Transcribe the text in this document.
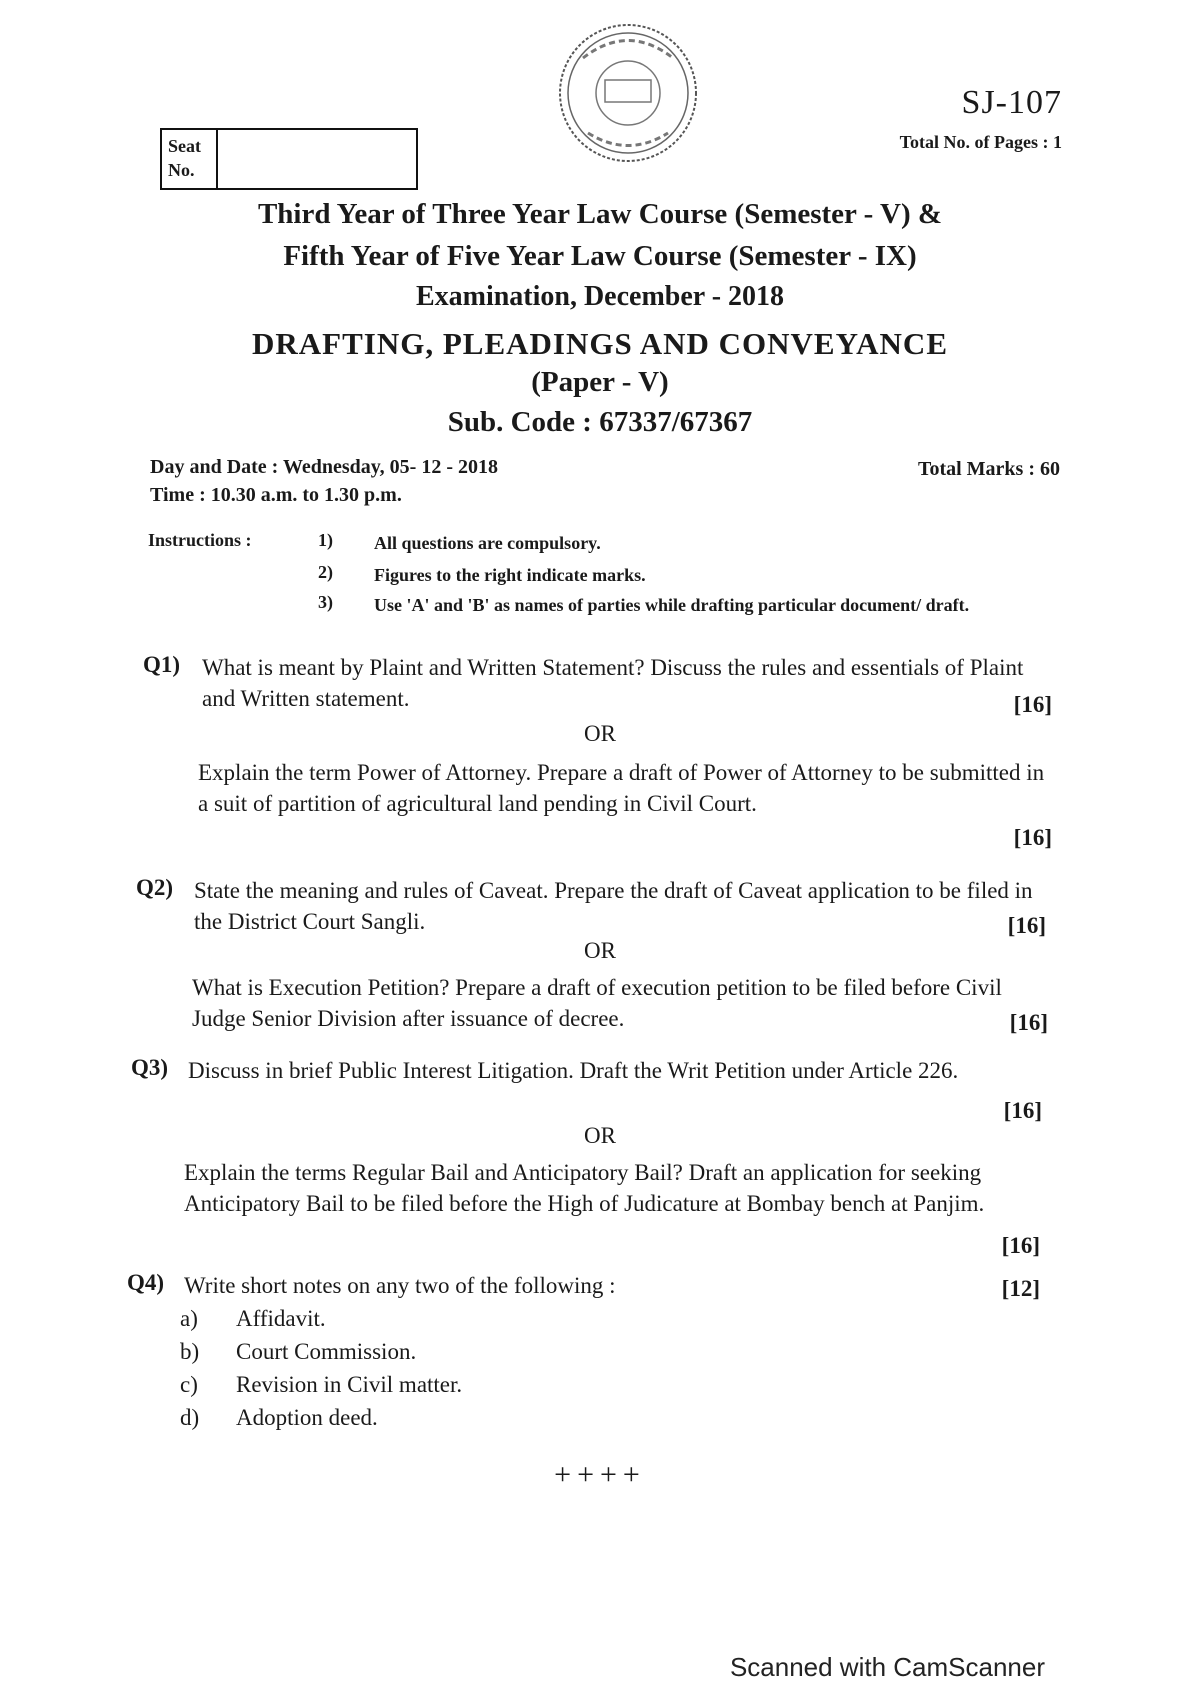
SJ-107
Total No. of Pages : 1
Seat
No.
Third Year of Three Year Law Course (Semester - V) &
Fifth Year of Five Year Law Course (Semester - IX)
Examination, December - 2018
DRAFTING, PLEADINGS AND CONVEYANCE
(Paper - V)
Sub. Code : 67337/67367
Day and Date : Wednesday, 05- 12 - 2018
Time : 10.30 a.m. to 1.30 p.m.
Total Marks : 60
Instructions :	1) All questions are compulsory.
2) Figures to the right indicate marks.
3) Use 'A' and 'B' as names of parties while drafting particular document/ draft.
Q1) What is meant by Plaint and Written Statement? Discuss the rules and essentials of Plaint and Written statement.	[16]
OR
Explain the term Power of Attorney. Prepare a draft of Power of Attorney to be submitted in a suit of partition of agricultural land pending in Civil Court.
[16]
Q2) State the meaning and rules of Caveat. Prepare the draft of Caveat application to be filed in the District Court Sangli.	[16]
OR
What is Execution Petition? Prepare a draft of execution petition to be filed before Civil Judge Senior Division after issuance of decree.	[16]
Q3) Discuss in brief Public Interest Litigation. Draft the Writ Petition under Article 226.
[16]
OR
Explain the terms Regular Bail and Anticipatory Bail? Draft an application for seeking Anticipatory Bail to be filed before the High of Judicature at Bombay bench at Panjim.
[16]
Q4) Write short notes on any two of the following :	[12]
a) Affidavit.
b) Court Commission.
c) Revision in Civil matter.
d) Adoption deed.
++++
Scanned with CamScanner
